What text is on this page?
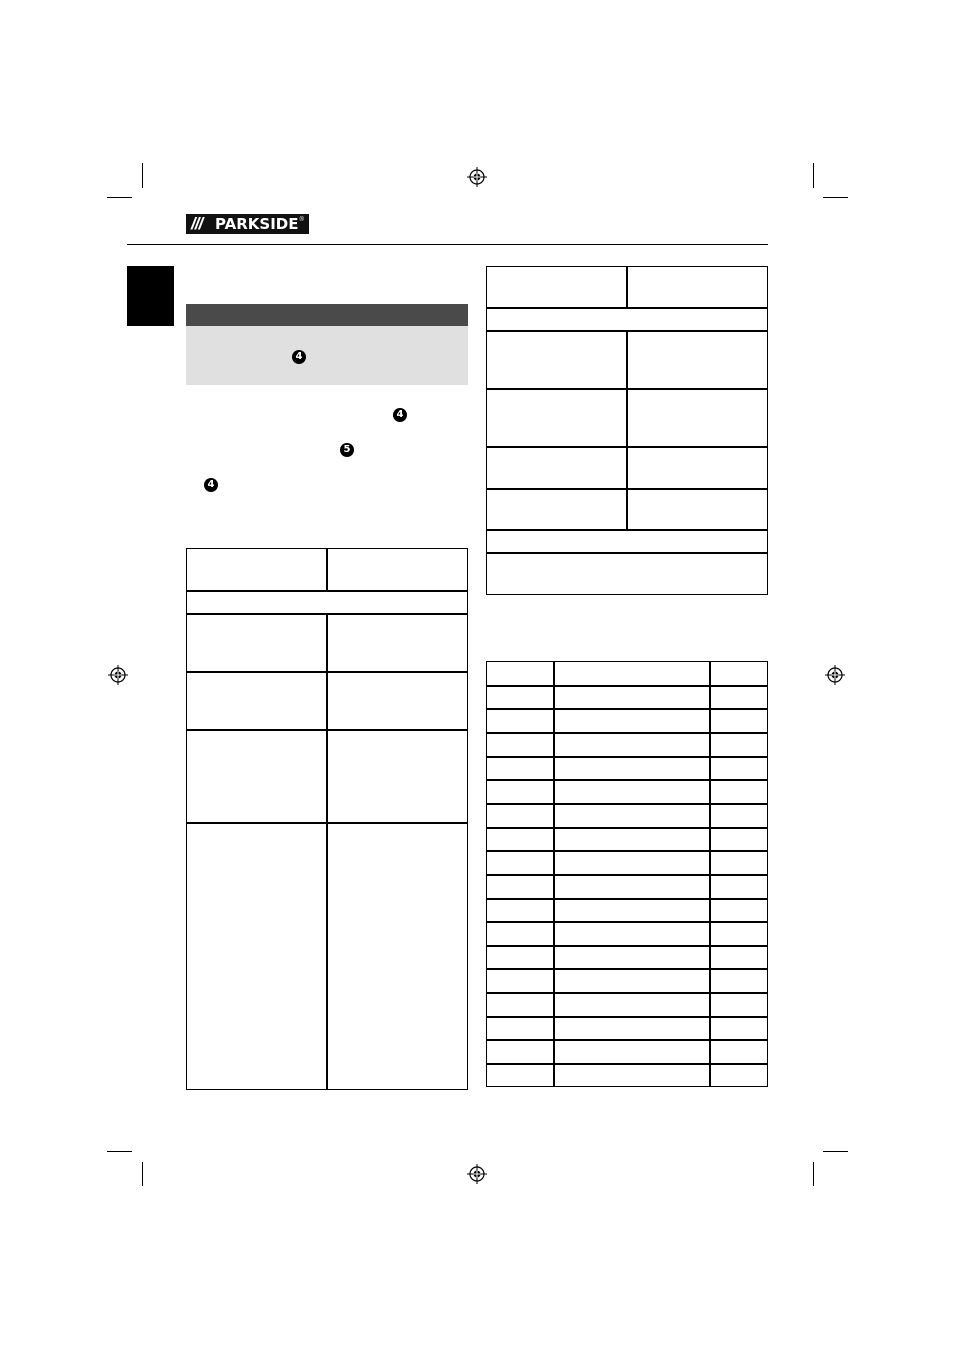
/// PARKSIDE ®
4
4
5
4
